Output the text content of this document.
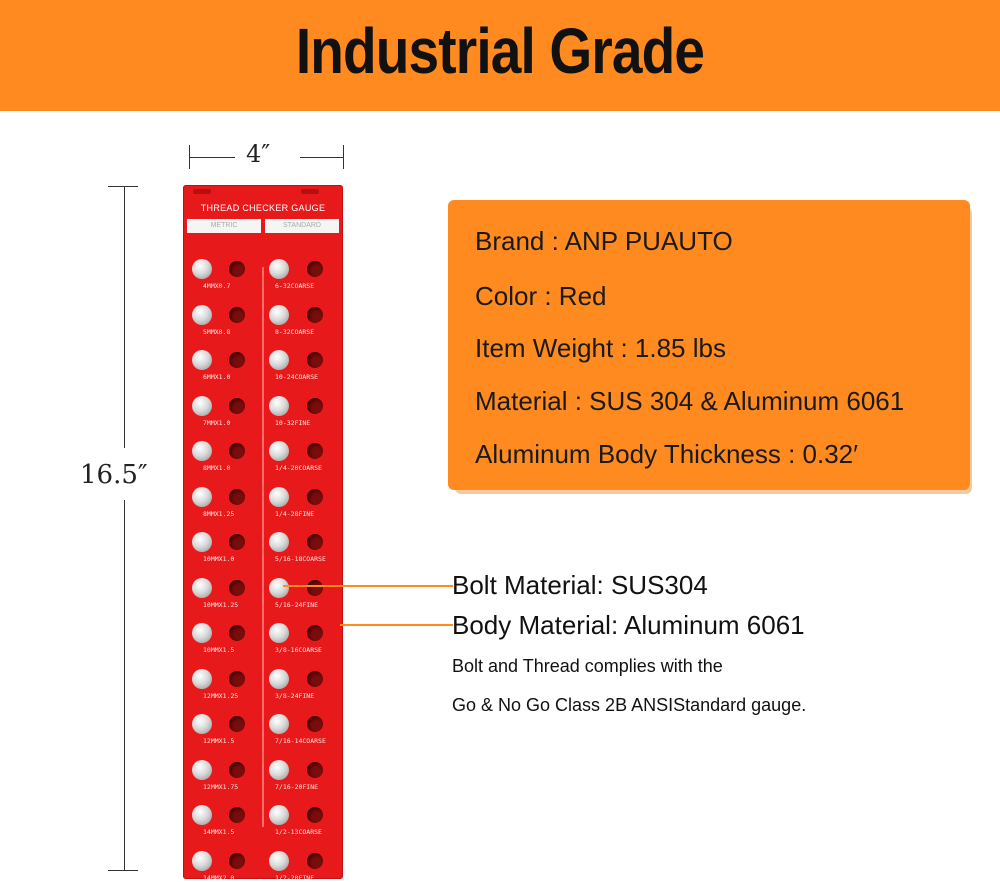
Industrial Grade
4″
16.5″
THREAD CHECKER GAUGE
METRIC	STANDARD
4MMX0.7	6-32COARSE
5MMX0.8	8-32COARSE
6MMX1.0	10-24COARSE
7MMX1.0	10-32FINE
8MMX1.0	1/4-20COARSE
8MMX1.25	1/4-28FINE
10MMX1.0	5/16-18COARSE
10MMX1.25	5/16-24FINE
10MMX1.5	3/8-16COARSE
12MMX1.25	3/8-24FINE
12MMX1.5	7/16-14COARSE
12MMX1.75	7/16-20FINE
14MMX1.5	1/2-13COARSE
14MMX2.0	1/2-20FINE
Brand : ANP PUAUTO
Color : Red
Item Weight : 1.85 lbs
Material : SUS 304 & Aluminum 6061
Aluminum Body Thickness : 0.32′
Bolt Material: SUS304
Body Material: Aluminum 6061
Bolt and Thread complies with the
Go & No Go Class 2B ANSIStandard gauge.
